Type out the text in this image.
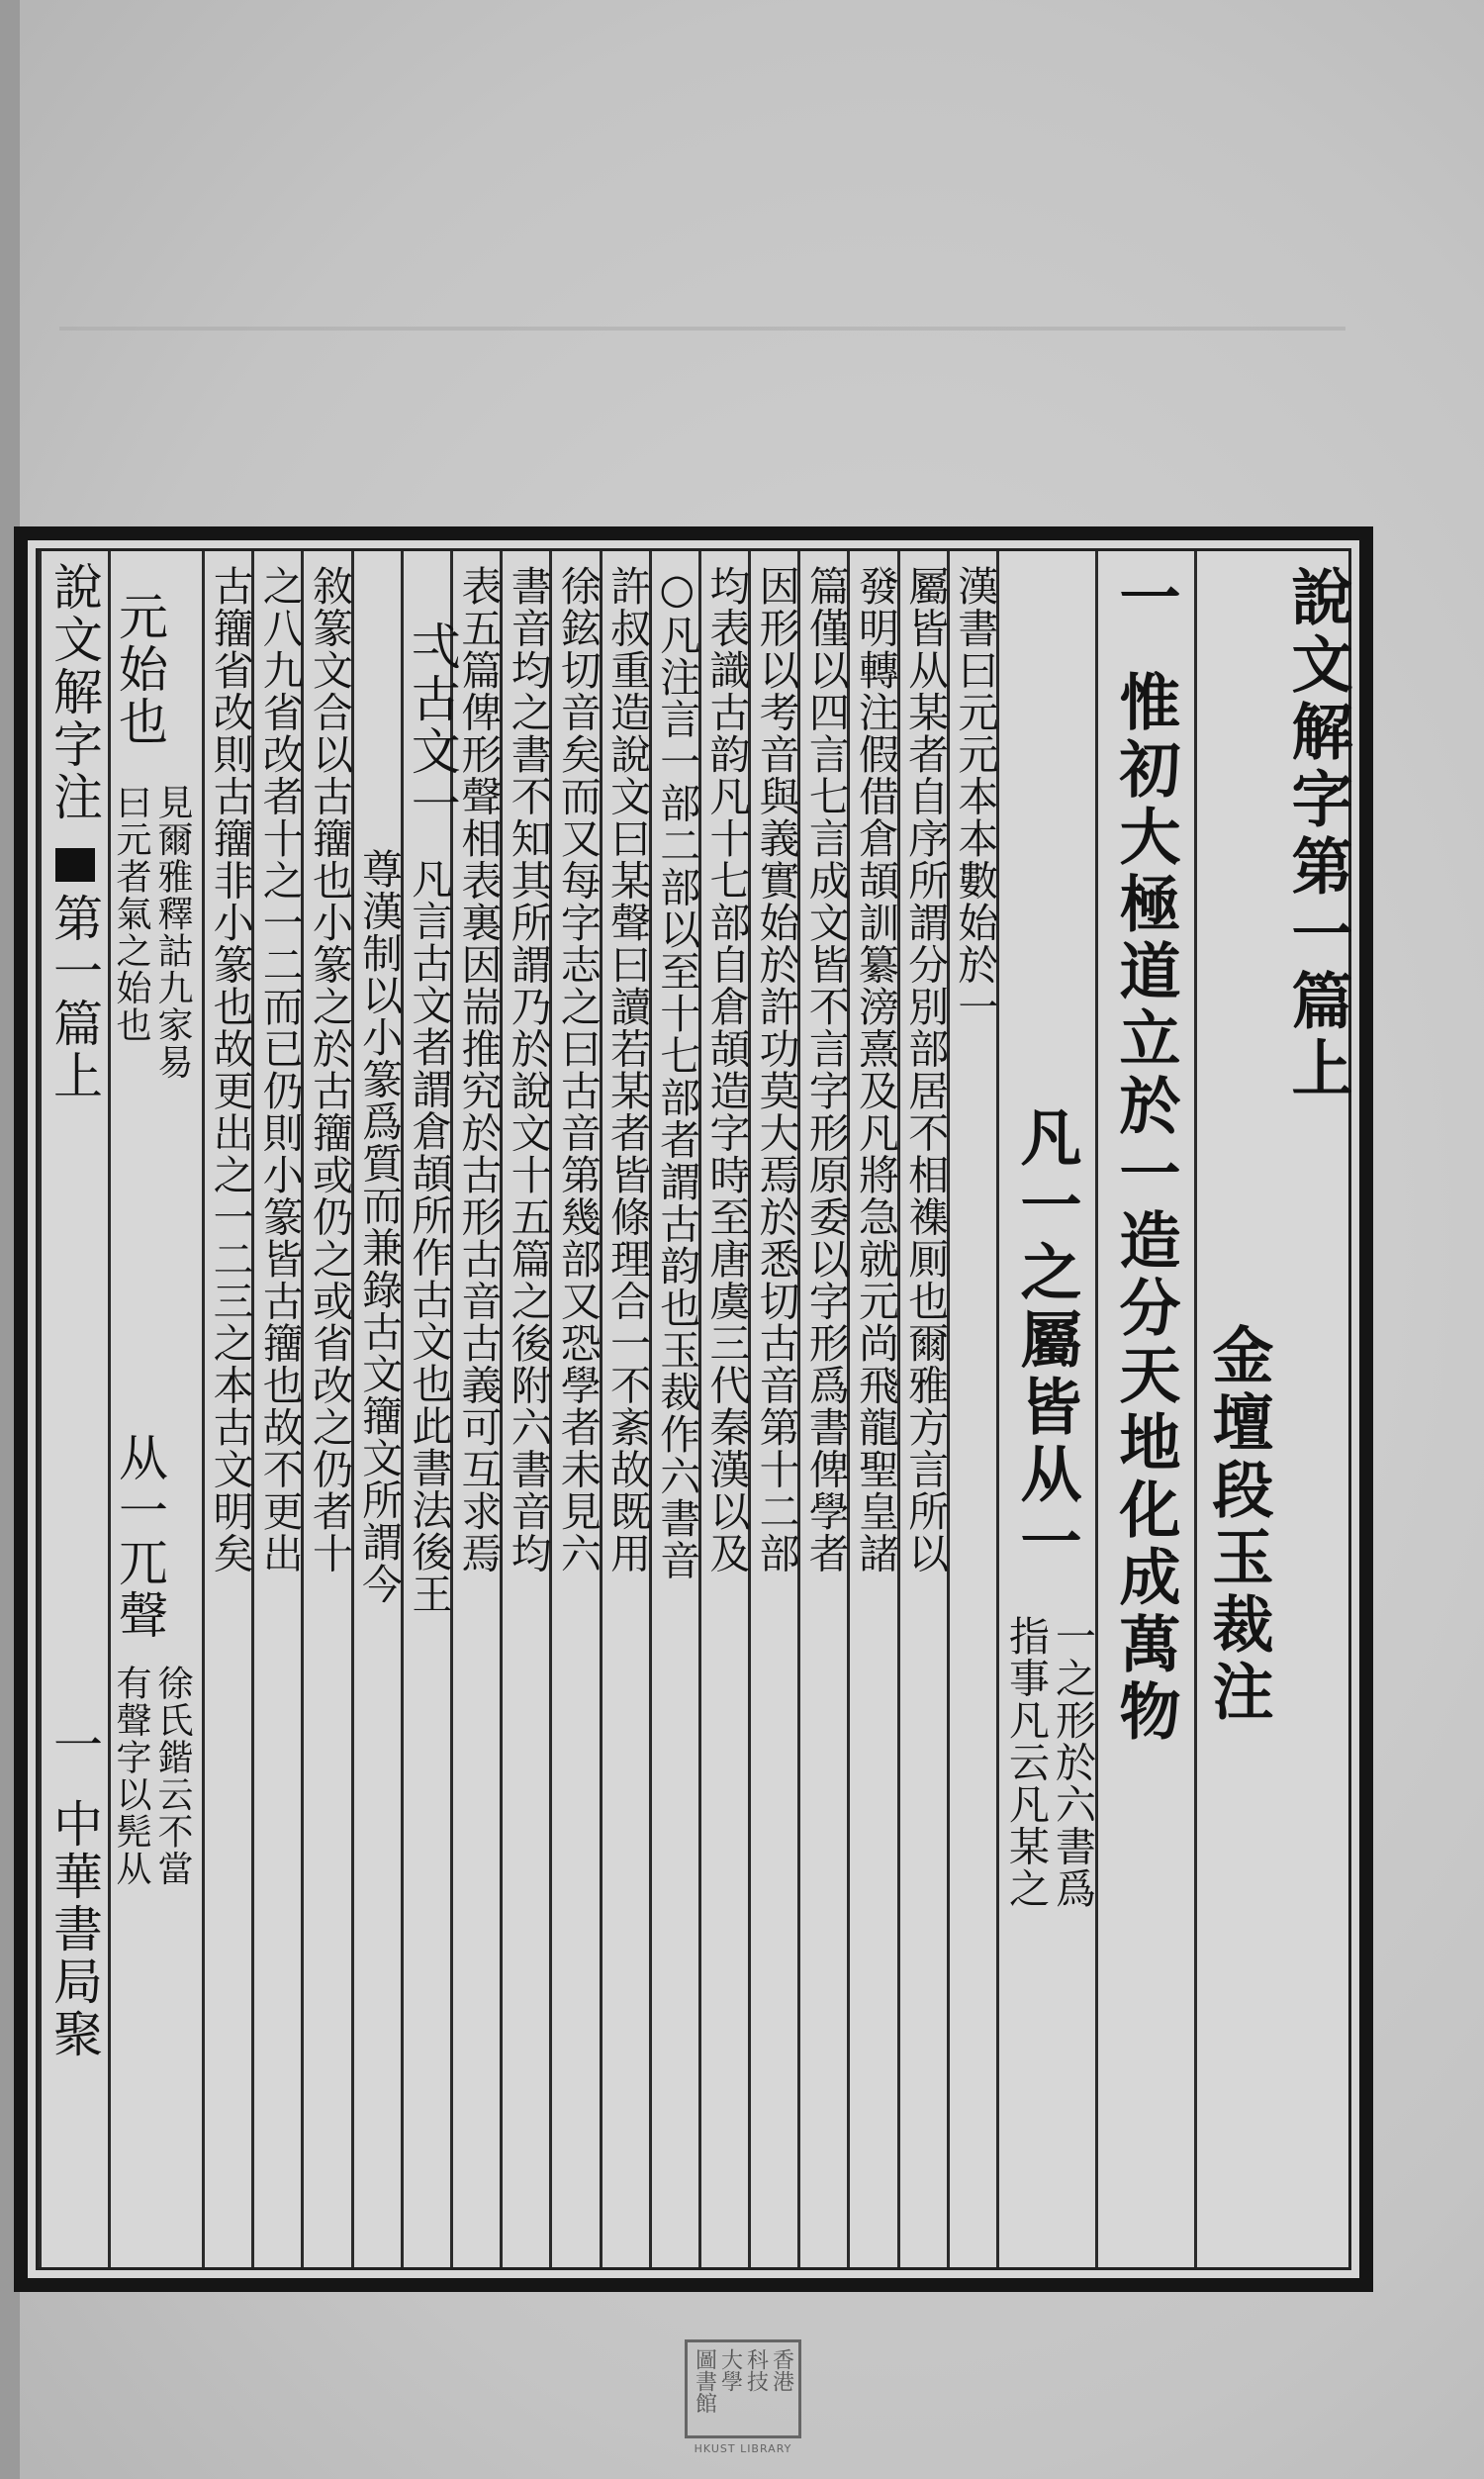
說文解字第一篇上
金壇段玉裁注
一
惟初大極道立於一造分天地化成萬物
凡一之屬皆从一
一之形於六書爲
指事凡云凡某之
漢書曰元元本本數始於一
屬皆从某者自序所謂分別部居不相襍厠也爾雅方言所以
發明轉注假借倉頡訓纂滂熹及凡將急就元尚飛龍聖皇諸
篇僅以四言七言成文皆不言字形原委以字形爲書俾學者
因形以考音與義實始於許功莫大焉於悉切古音第十二部
均表識古韵凡十七部自倉頡造字時至唐虞三代秦漢以及
○凡注言一部二部以至十七部者謂古韵也玉裁作六書音
許叔重造說文曰某聲曰讀若某者皆條理合一不紊故既用
徐鉉切音矣而又每字志之曰古音第幾部又恐學者未見六
書音均之書不知其所謂乃於說文十五篇之後附六書音均
表五篇俾形聲相表裏因耑推究於古形古音古義可互求焉
弌古文一
凡言古文者謂倉頡所作古文也此書法後王
尊漢制以小篆爲質而兼錄古文籒文所謂今
敘篆文合以古籒也小篆之於古籒或仍之或省改之仍者十
之八九省改者十之一二而已仍則小篆皆古籒也故不更出
古籒省改則古籒非小篆也故更出之一二三之本古文明矣
元始也
見爾雅釋詁九家易
曰元者氣之始也
从一兀聲
徐氏鍇云不當
有聲字以髡从
說文解字注
第一篇上
一
中華書局聚
香港
科技
大學
圖書館
HKUST LIBRARY
